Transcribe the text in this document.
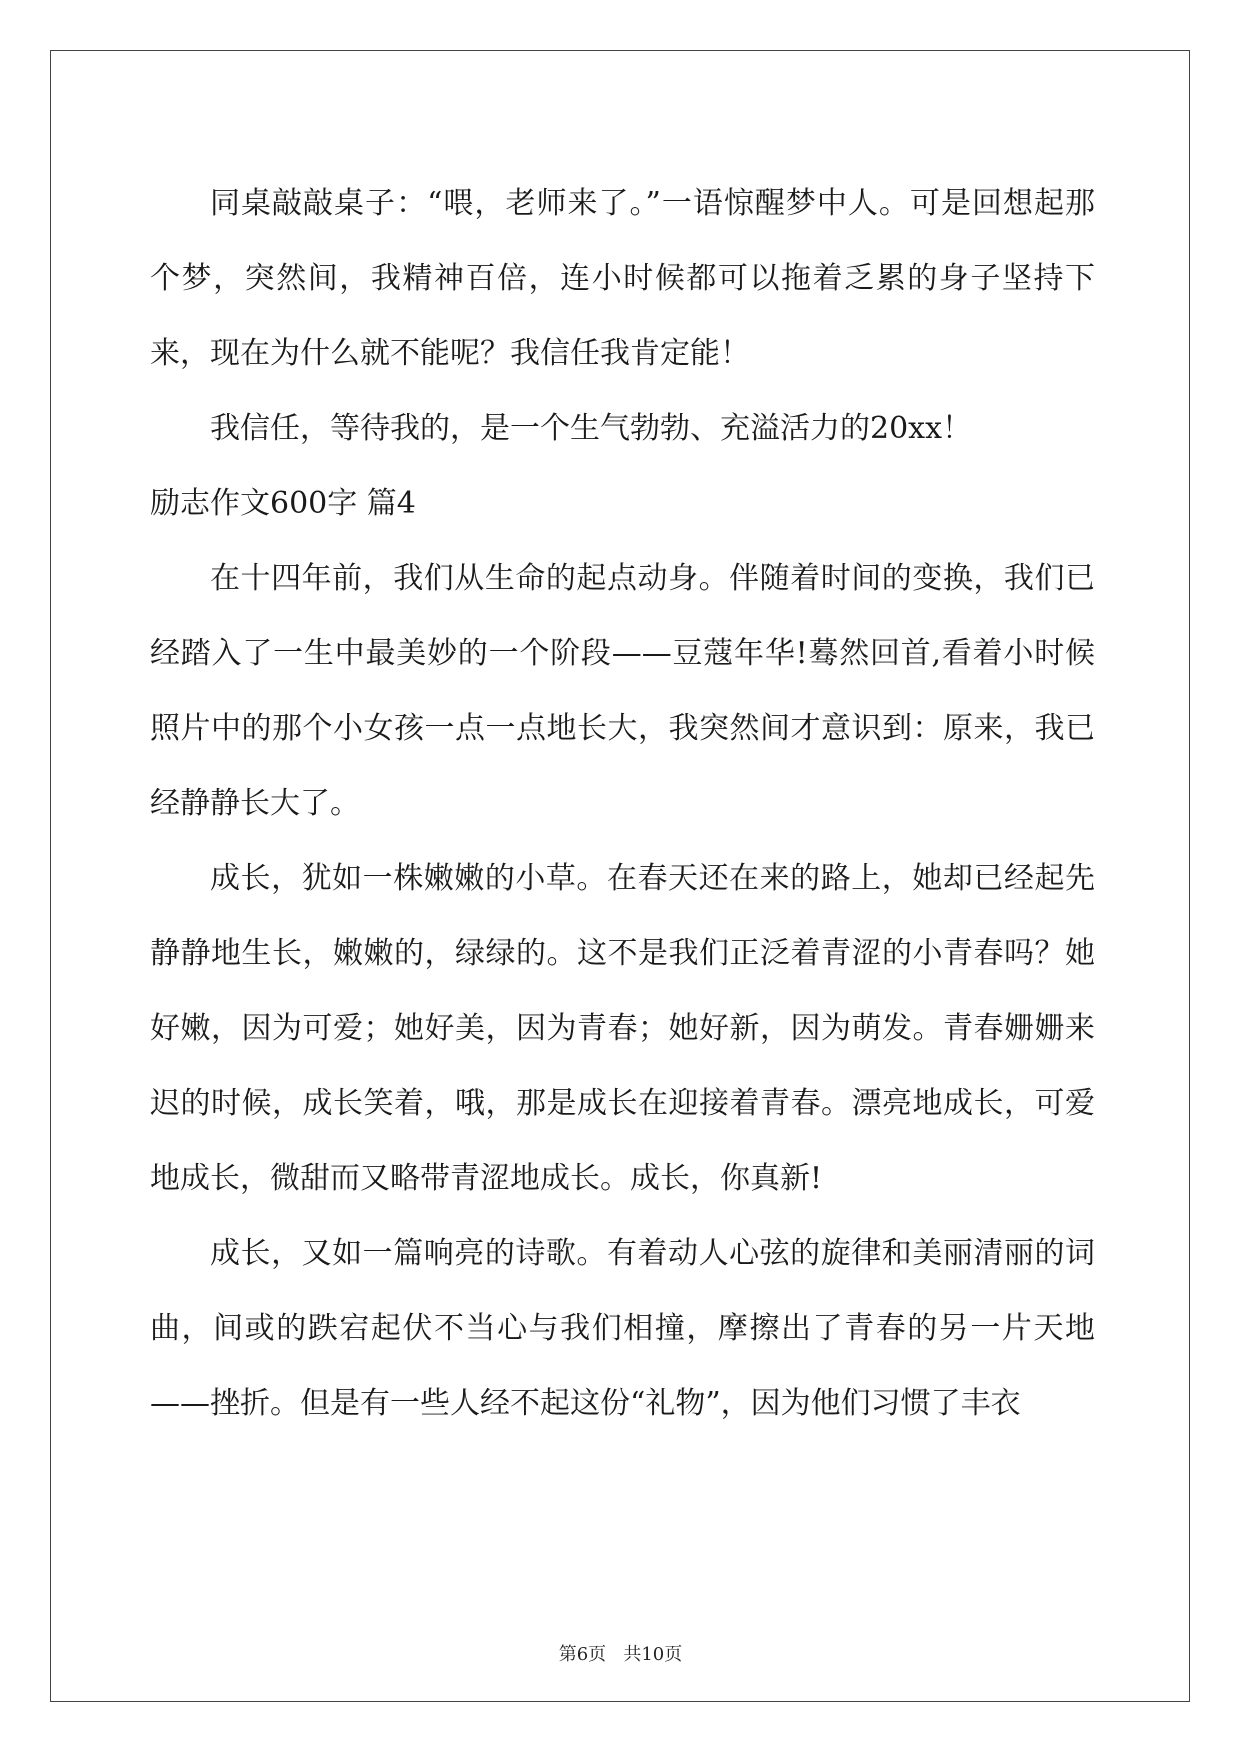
同桌敲敲桌子：“喂，老师来了。”一语惊醒梦中人。可是回想起那个梦，突然间，我精神百倍，连小时候都可以拖着乏累的身子坚持下来，现在为什么就不能呢？我信任我肯定能！

我信任，等待我的，是一个生气勃勃、充溢活力的20xx！

励志作文600字 篇4

在十四年前，我们从生命的起点动身。伴随着时间的变换，我们已经踏入了一生中最美妙的一个阶段——豆蔻年华!蓦然回首,看着小时候照片中的那个小女孩一点一点地长大，我突然间才意识到：原来，我已经静静长大了。

成长，犹如一株嫩嫩的小草。在春天还在来的路上，她却已经起先静静地生长，嫩嫩的，绿绿的。这不是我们正泛着青涩的小青春吗？她好嫩，因为可爱；她好美，因为青春；她好新，因为萌发。青春姗姗来迟的时候，成长笑着，哦，那是成长在迎接着青春。漂亮地成长，可爱地成长，微甜而又略带青涩地成长。成长，你真新!

成长，又如一篇响亮的诗歌。有着动人心弦的旋律和美丽清丽的词曲，间或的跌宕起伏不当心与我们相撞，摩擦出了青春的另一片天地——挫折。但是有一些人经不起这份“礼物”，因为他们习惯了丰衣

第6页 共10页
